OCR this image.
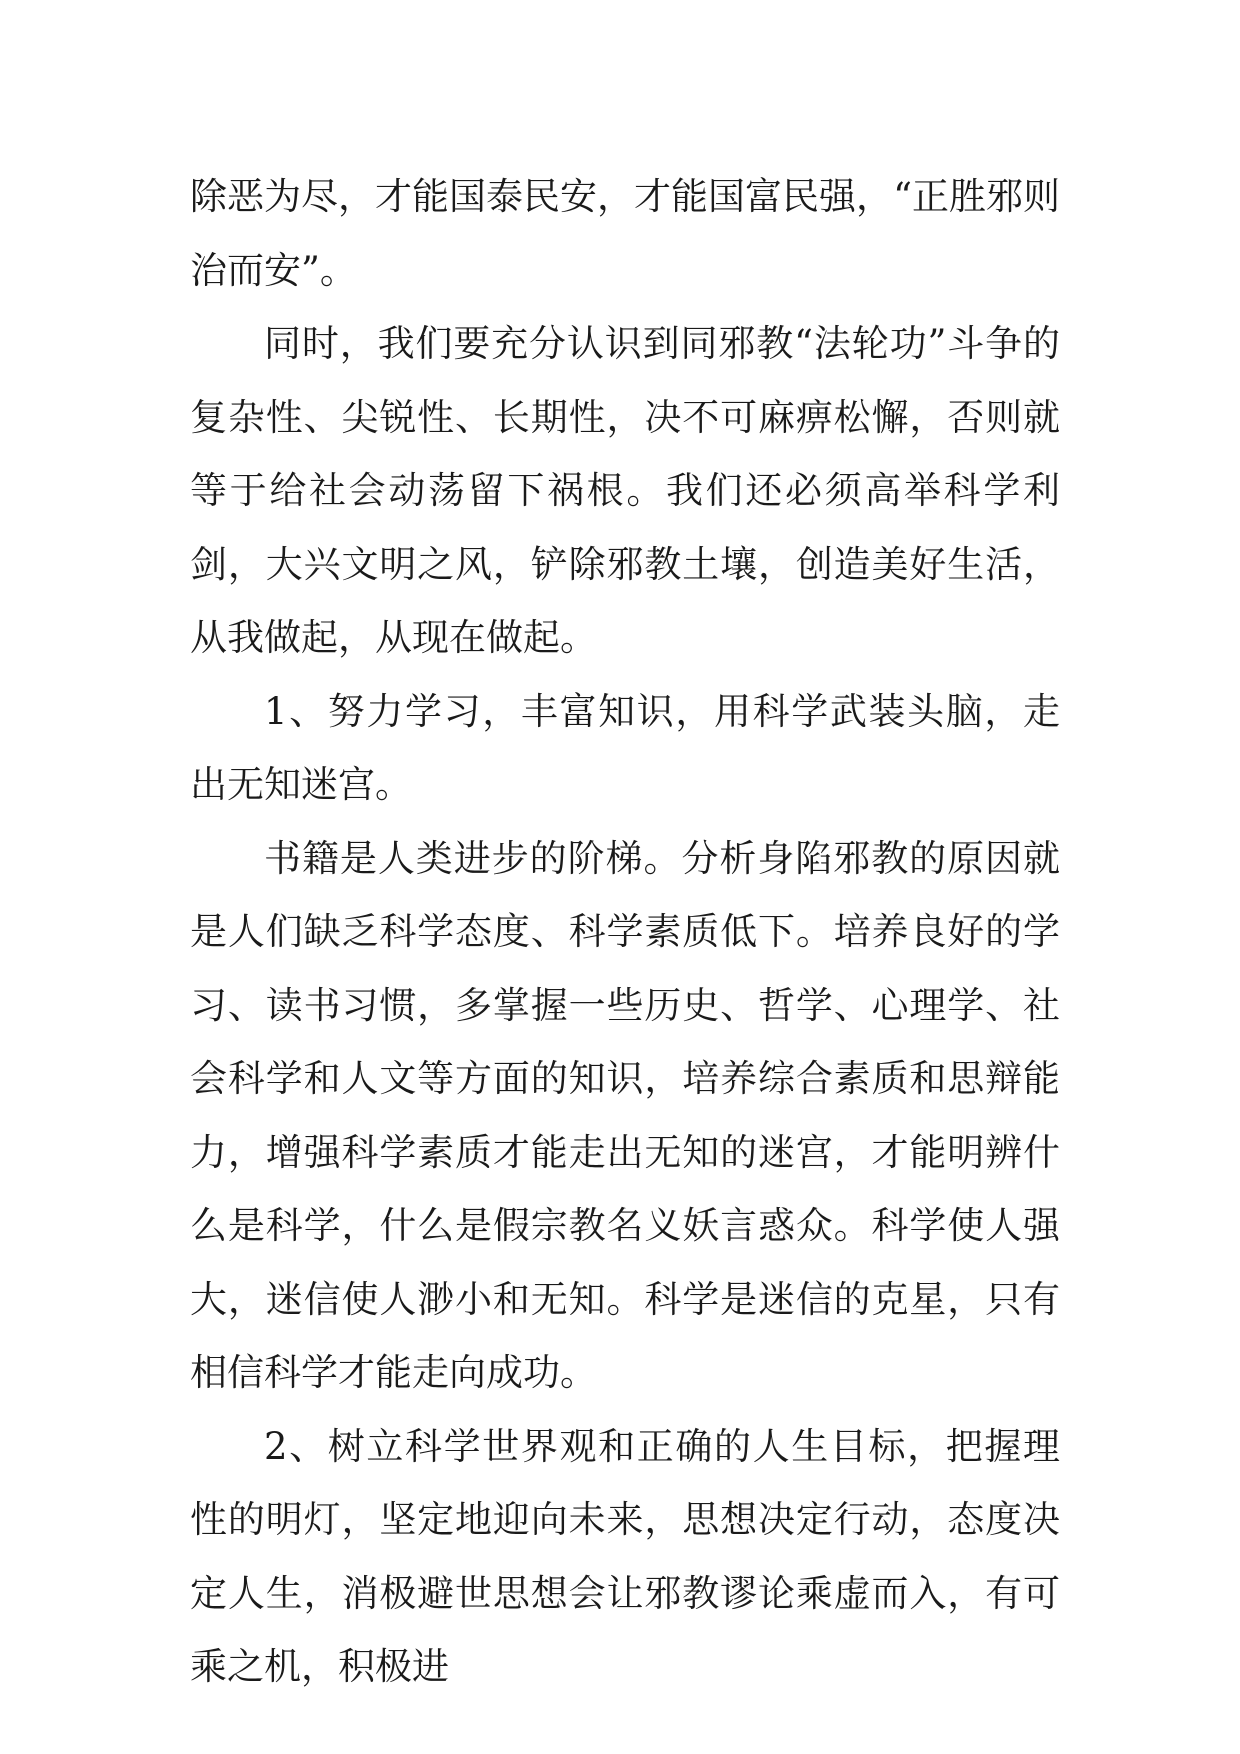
除恶为尽，才能国泰民安，才能国富民强，“正胜邪则治而安”。

同时，我们要充分认识到同邪教“法轮功”斗争的复杂性、尖锐性、长期性，决不可麻痹松懈，否则就等于给社会动荡留下祸根。我们还必须高举科学利剑，大兴文明之风，铲除邪教土壤，创造美好生活，从我做起，从现在做起。

1、努力学习，丰富知识，用科学武装头脑，走出无知迷宫。

书籍是人类进步的阶梯。分析身陷邪教的原因就是人们缺乏科学态度、科学素质低下。培养良好的学习、读书习惯，多掌握一些历史、哲学、心理学、社会科学和人文等方面的知识，培养综合素质和思辩能力，增强科学素质才能走出无知的迷宫，才能明辨什么是科学，什么是假宗教名义妖言惑众。科学使人强大，迷信使人渺小和无知。科学是迷信的克星，只有相信科学才能走向成功。

2、树立科学世界观和正确的人生目标，把握理性的明灯，坚定地迎向未来，思想决定行动，态度决定人生，消极避世思想会让邪教谬论乘虚而入，有可乘之机，积极进
